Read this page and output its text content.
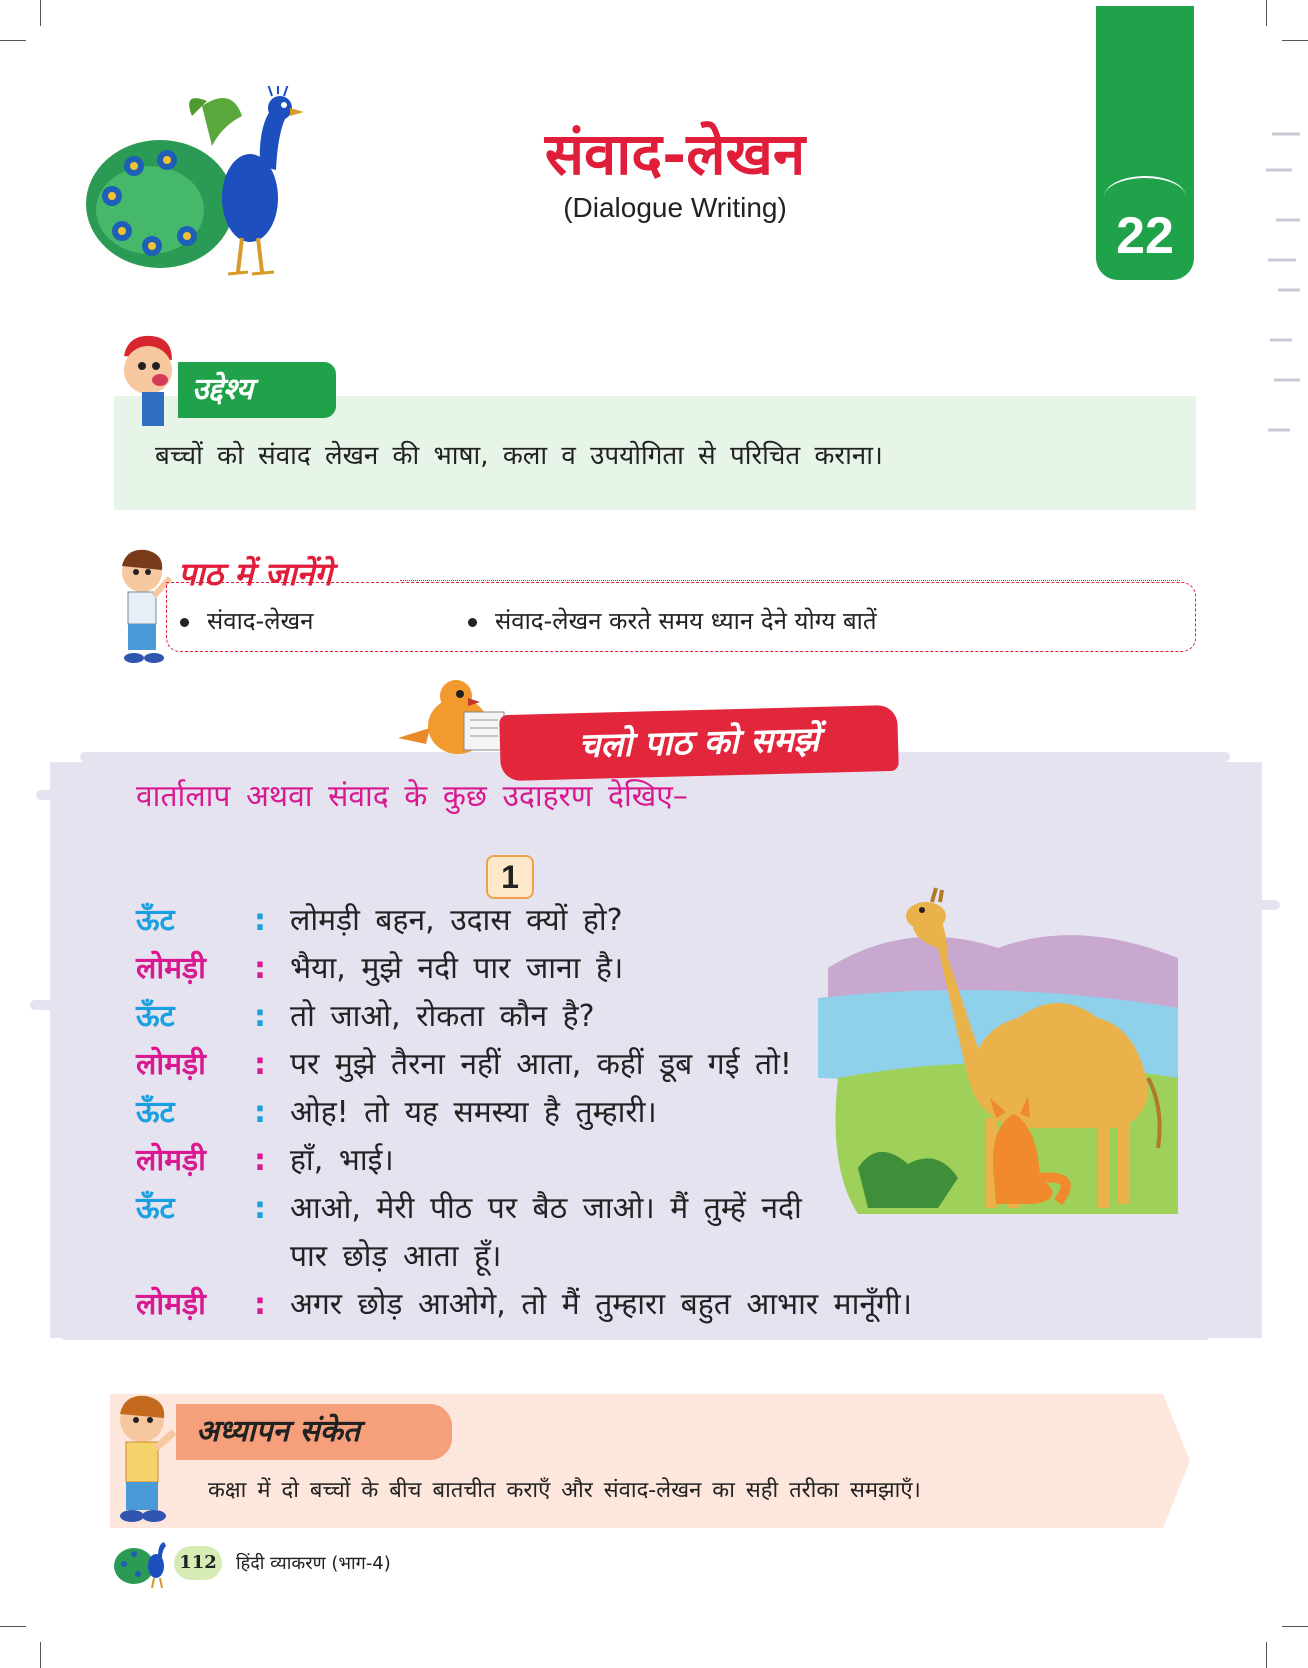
22
संवाद-लेखन
(Dialogue Writing)
उद्देश्य
बच्चों को संवाद लेखन की भाषा, कला व उपयोगिता से परिचित कराना।
पाठ में जानेंगे
संवाद-लेखन	संवाद-लेखन करते समय ध्यान देने योग्य बातें
चलो पाठ को समझें
वार्तालाप अथवा संवाद के कुछ उदाहरण देखिए–
1
ऊँट	: लोमड़ी बहन, उदास क्यों हो?
लोमड़ी : भैया, मुझे नदी पार जाना है।
ऊँट	: तो जाओ, रोकता कौन है?
लोमड़ी : पर मुझे तैरना नहीं आता, कहीं डूब गई तो!
ऊँट	: ओह! तो यह समस्या है तुम्हारी।
लोमड़ी : हाँ, भाई।
ऊँट	: आओ, मेरी पीठ पर बैठ जाओ। मैं तुम्हें नदी
पार छोड़ आता हूँ।
लोमड़ी : अगर छोड़ आओगे, तो मैं तुम्हारा बहुत आभार मानूँगी।
अध्यापन संकेत
कक्षा में दो बच्चों के बीच बातचीत कराएँ और संवाद-लेखन का सही तरीका समझाएँ।
112 हिंदी व्याकरण (भाग-4)
